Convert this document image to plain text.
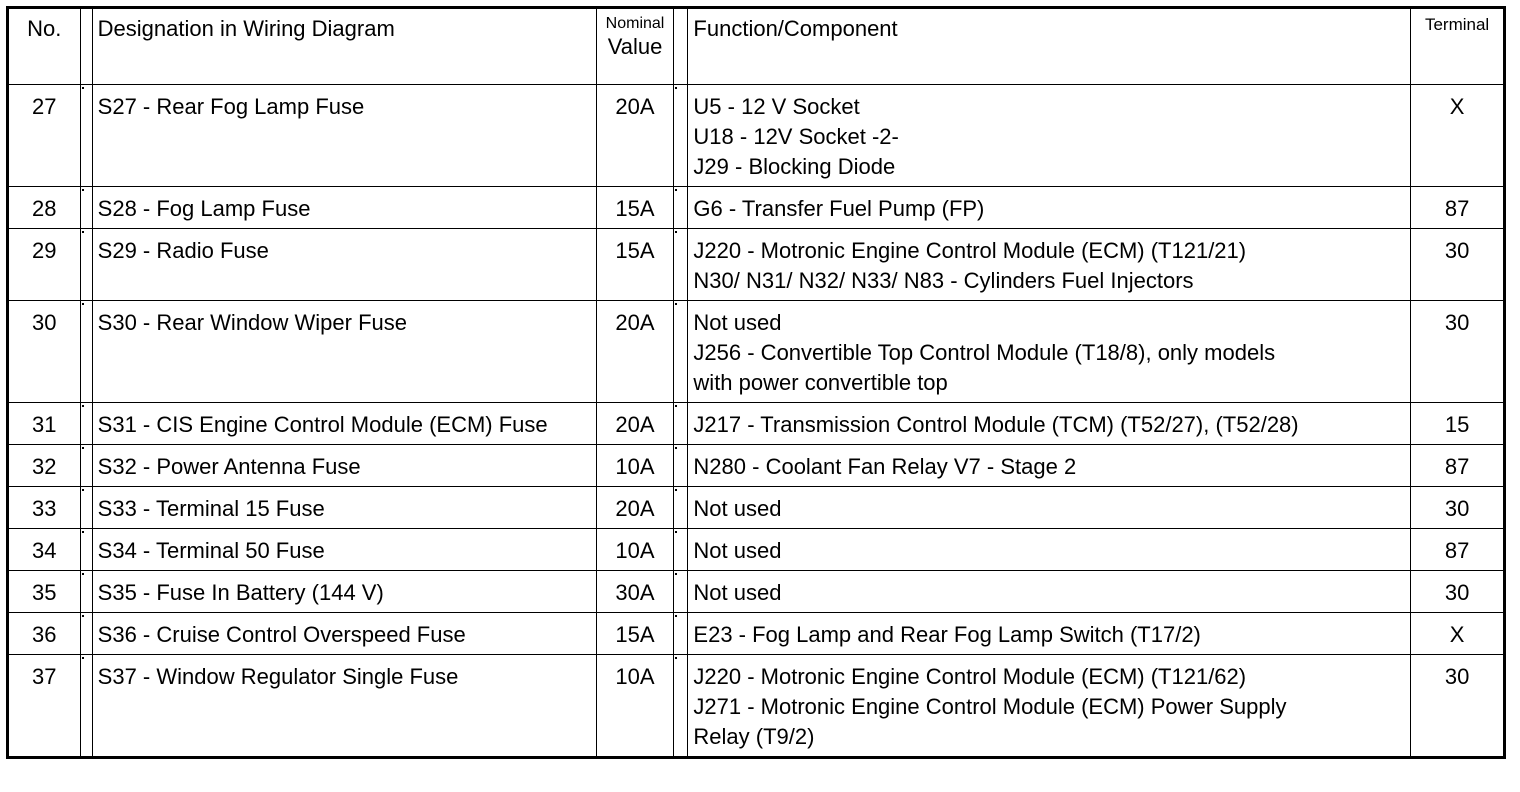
No.		Designation in Wiring Diagram	Nominal
Value		Function/Component	Terminal
27		S27 - Rear Fog Lamp Fuse	20A		U5 - 12 V Socket
U18 - 12V Socket -2-
J29 - Blocking Diode	X
28		S28 - Fog Lamp Fuse	15A		G6 - Transfer Fuel Pump (FP)	87
29		S29 - Radio Fuse	15A		J220 - Motronic Engine Control Module (ECM) (T121/21)
N30/ N31/ N32/ N33/ N83 - Cylinders Fuel Injectors	30
30		S30 - Rear Window Wiper Fuse	20A		Not used
J256 - Convertible Top Control Module (T18/8), only models
with power convertible top	30
31		S31 - CIS Engine Control Module (ECM) Fuse	20A		J217 - Transmission Control Module (TCM) (T52/27), (T52/28)	15
32		S32 - Power Antenna Fuse	10A		N280 - Coolant Fan Relay V7 - Stage 2	87
33		S33 - Terminal 15 Fuse	20A		Not used	30
34		S34 - Terminal 50 Fuse	10A		Not used	87
35		S35 - Fuse In Battery (144 V)	30A		Not used	30
36		S36 - Cruise Control Overspeed Fuse	15A		E23 - Fog Lamp and Rear Fog Lamp Switch (T17/2)	X
37		S37 - Window Regulator Single Fuse	10A		J220 - Motronic Engine Control Module (ECM) (T121/62)
J271 - Motronic Engine Control Module (ECM) Power Supply
Relay (T9/2)	30
